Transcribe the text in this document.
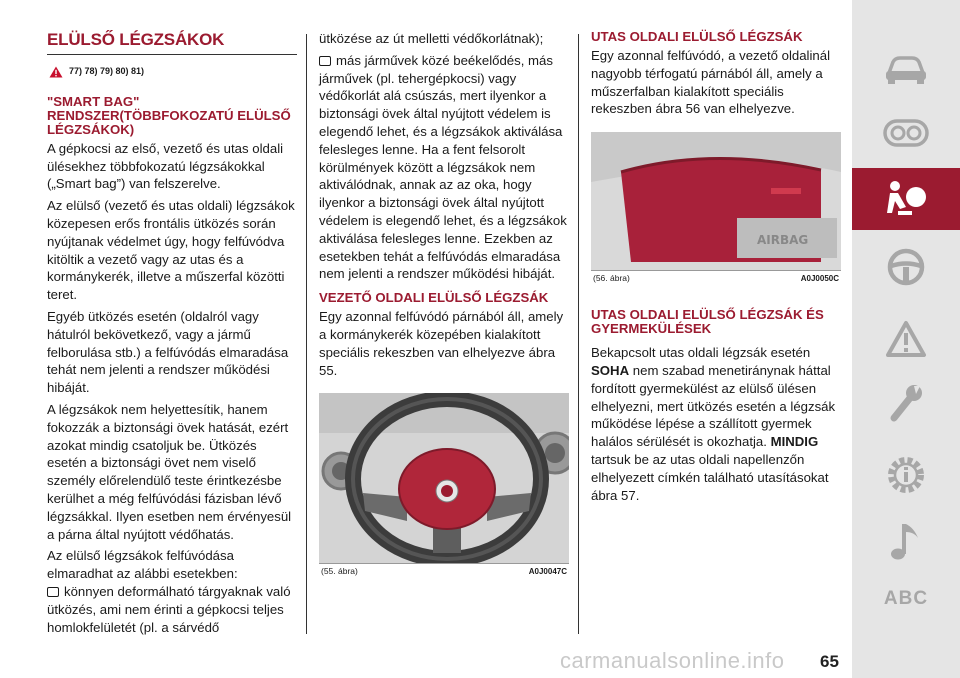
ELÜLSŐ LÉGZSÁKOK
77) 78) 79) 80) 81)
"SMART BAG" RENDSZER(TÖBBFOKOZATÚ ELÜLSŐ LÉGZSÁKOK)

A gépkocsi az első, vezető és utas oldali ülésekhez többfokozatú légzsákokkal („Smart bag”) van felszerelve.

Az elülső (vezető és utas oldali) légzsákok közepesen erős frontális ütközés során nyújtanak védelmet úgy, hogy felfúvódva kitöltik a vezető vagy az utas és a kormánykerék, illetve a műszerfal közötti teret.

Egyéb ütközés esetén (oldalról vagy hátulról bekövetkező, vagy a jármű felborulása stb.) a felfúvódás elmaradása tehát nem jelenti a rendszer működési hibáját.

A légzsákok nem helyettesítik, hanem fokozzák a biztonsági övek hatását, ezért azokat mindig csatoljuk be. Ütközés esetén a biztonsági övet nem viselő személy előrelendülő teste érintkezésbe kerülhet a még felfúvódási fázisban lévő légzsákkal. Ilyen esetben nem érvényesül a párna által nyújtott védőhatás.

Az elülső légzsákok felfúvódása elmaradhat az alábbi esetekben:
könnyen deformálható tárgyaknak való ütközés, ami nem érinti a gépkocsi teljes homlokfelületét (pl. a sárvédő

ütközése az út melletti védőkorlátnak);

más járművek közé beékelődés, más járművek (pl. tehergépkocsi) vagy védőkorlát alá csúszás, mert ilyenkor a biztonsági övek által nyújtott védelem is elegendő lehet, és a légzsákok aktiválása felesleges lenne. Ha a fent felsorolt körülmények között a légzsákok nem aktiválódnak, annak az az oka, hogy ilyenkor a biztonsági övek által nyújtott védelem is elegendő lehet, és a légzsákok aktiválása felesleges lenne. Ezekben az esetekben tehát a felfúvódás elmaradása nem jelenti a rendszer működési hibáját.

VEZETŐ OLDALI ELÜLSŐ LÉGZSÁK

Egy azonnal felfúvódó párnából áll, amely a kormánykerék közepében kialakított speciális rekeszben van elhelyezve ábra 55.

(55. ábra)	A0J0047C
UTAS OLDALI ELÜLSŐ LÉGZSÁK

Egy azonnal felfúvódó, a vezető oldalinál nagyobb térfogatú párnából áll, amely a műszerfalban kialakított speciális rekeszben ábra 56 van elhelyezve.

AIRBAG
(56. ábra)	A0J0050C
UTAS OLDALI ELÜLSŐ LÉGZSÁK ÉS GYERMEKÜLÉSEK

Bekapcsolt utas oldali légzsák esetén
SOHA nem szabad menetiránynak háttal fordított gyermekülést az elülső ülésen elhelyezni, mert ütközés esetén a légzsák működése lépése a szállított gyermek halálos sérülését is okozhatja. MINDIG tartsuk be az utas oldali napellenzőn elhelyezett címkén található utasításokat ábra 57.

ABC
carmanualsonline.info 65
